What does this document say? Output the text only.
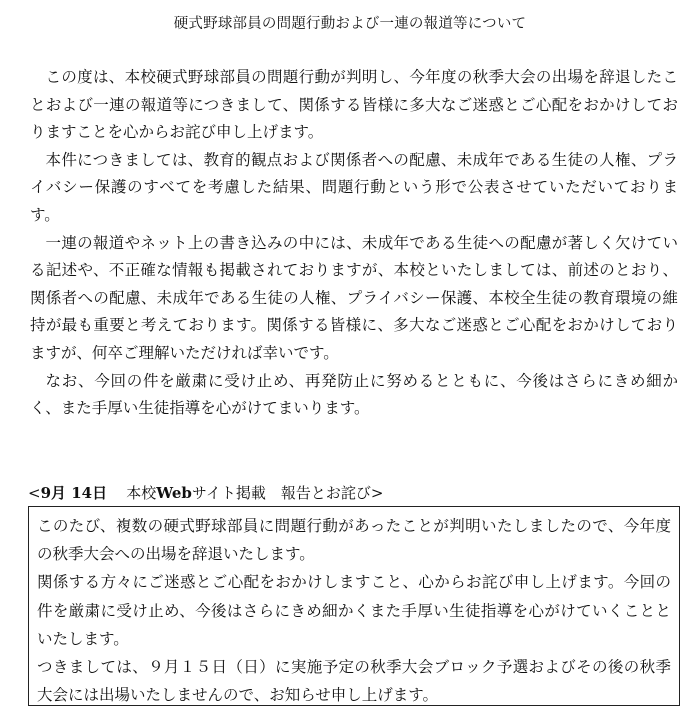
硬式野球部員の問題行動および一連の報道等について

この度は、本校硬式野球部員の問題行動が判明し、今年度の秋季大会の出場を辞退したことおよび一連の報道等につきまして、関係する皆様に多大なご迷惑とご心配をおかけしておりますことを心からお詫び申し上げます。

本件につきましては、教育的観点および関係者への配慮、未成年である生徒の人権、プライバシー保護のすべてを考慮した結果、問題行動という形で公表させていただいております。

一連の報道やネット上の書き込みの中には、未成年である生徒への配慮が著しく欠けている記述や、不正確な情報も掲載されておりますが、本校といたしましては、前述のとおり、関係者への配慮、未成年である生徒の人権、プライバシー保護、本校全生徒の教育環境の維持が最も重要と考えております。関係する皆様に、多大なご迷惑とご心配をおかけしておりますが、何卒ご理解いただければ幸いです。

なお、今回の件を厳粛に受け止め、再発防止に努めるとともに、今後はさらにきめ細かく、また手厚い生徒指導を心がけてまいります。

<9月 14日 本校Webサイト掲載　報告とお詫び>

このたび、複数の硬式野球部員に問題行動があったことが判明いたしましたので、今年度の秋季大会への出場を辞退いたします。

関係する方々にご迷惑とご心配をおかけしますこと、心からお詫び申し上げます。今回の件を厳粛に受け止め、今後はさらにきめ細かくまた手厚い生徒指導を心がけていくことといたします。

つきましては、９月１５日（日）に実施予定の秋季大会ブロック予選およびその後の秋季大会には出場いたしませんので、お知らせ申し上げます。
